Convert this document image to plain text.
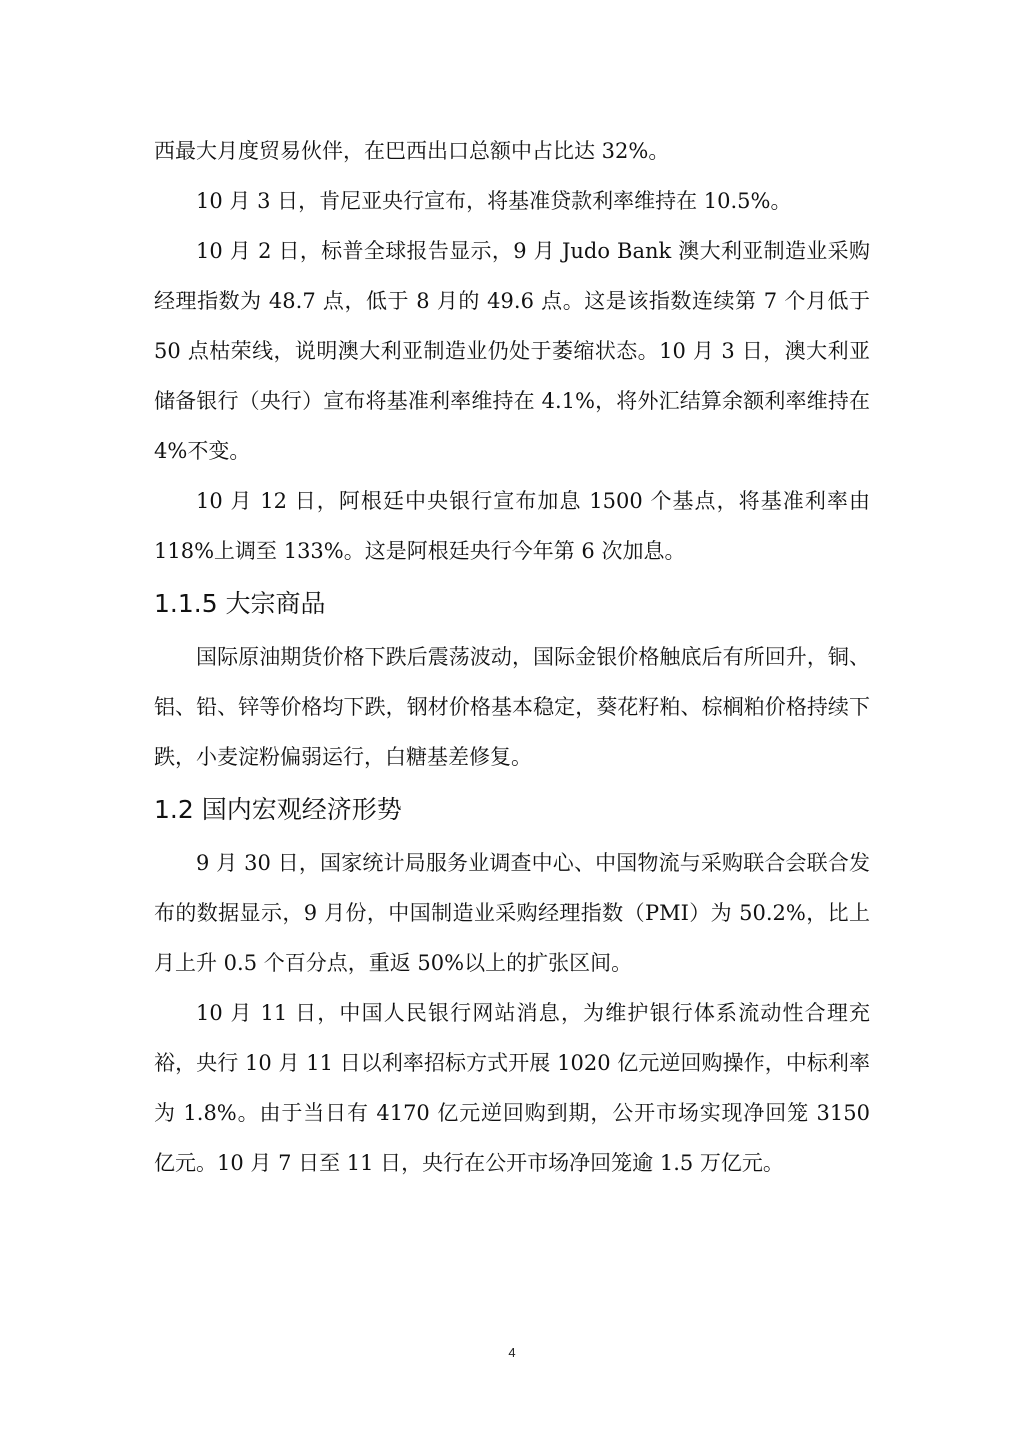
西最大月度贸易伙伴，在巴西出口总额中占比达 32%。

10 月 3 日，肯尼亚央行宣布，将基准贷款利率维持在 10.5%。

10 月 2 日，标普全球报告显示，9 月 Judo Bank 澳大利亚制造业采购经理指数为 48.7 点，低于 8 月的 49.6 点。这是该指数连续第 7 个月低于 50 点枯荣线，说明澳大利亚制造业仍处于萎缩状态。10 月 3 日，澳大利亚储备银行（央行）宣布将基准利率维持在 4.1%，将外汇结算余额利率维持在 4%不变。

10 月 12 日，阿根廷中央银行宣布加息 1500 个基点，将基准利率由 118%上调至 133%。这是阿根廷央行今年第 6 次加息。

1.1.5 大宗商品

国际原油期货价格下跌后震荡波动，国际金银价格触底后有所回升，铜、铝、铅、锌等价格均下跌，钢材价格基本稳定，葵花籽粕、棕榈粕价格持续下跌，小麦淀粉偏弱运行，白糖基差修复。

1.2 国内宏观经济形势

9 月 30 日，国家统计局服务业调查中心、中国物流与采购联合会联合发布的数据显示，9 月份，中国制造业采购经理指数（PMI）为 50.2%，比上月上升 0.5 个百分点，重返 50%以上的扩张区间。

10 月 11 日，中国人民银行网站消息，为维护银行体系流动性合理充裕，央行 10 月 11 日以利率招标方式开展 1020 亿元逆回购操作，中标利率为 1.8%。由于当日有 4170 亿元逆回购到期，公开市场实现净回笼 3150 亿元。10 月 7 日至 11 日，央行在公开市场净回笼逾 1.5 万亿元。

4
